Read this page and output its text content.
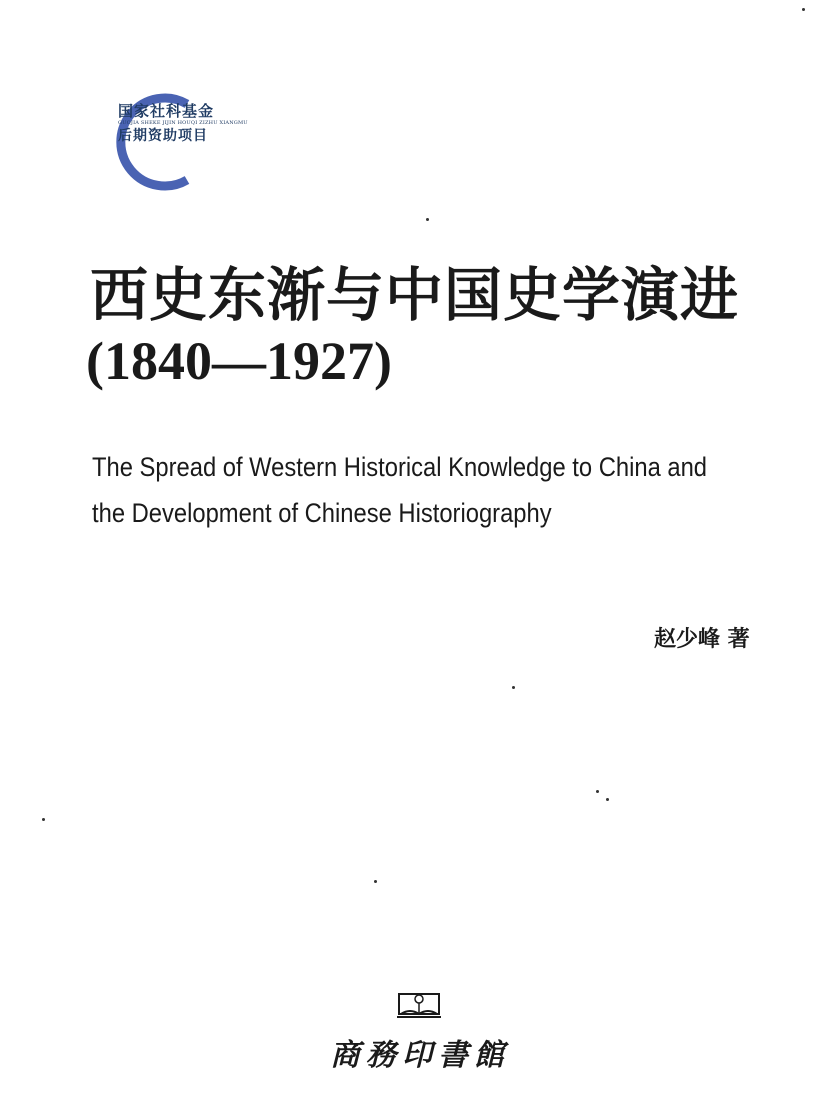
国家社科基金
GUOJIA SHEKE JIJIN HOUQI ZIZHU XIANGMU
后期资助项目
西史东渐与中国史学演进
(1840—1927)
The Spread of Western Historical Knowledge to China and
the Development of Chinese Historiography
赵少峰 著
商務印書館
